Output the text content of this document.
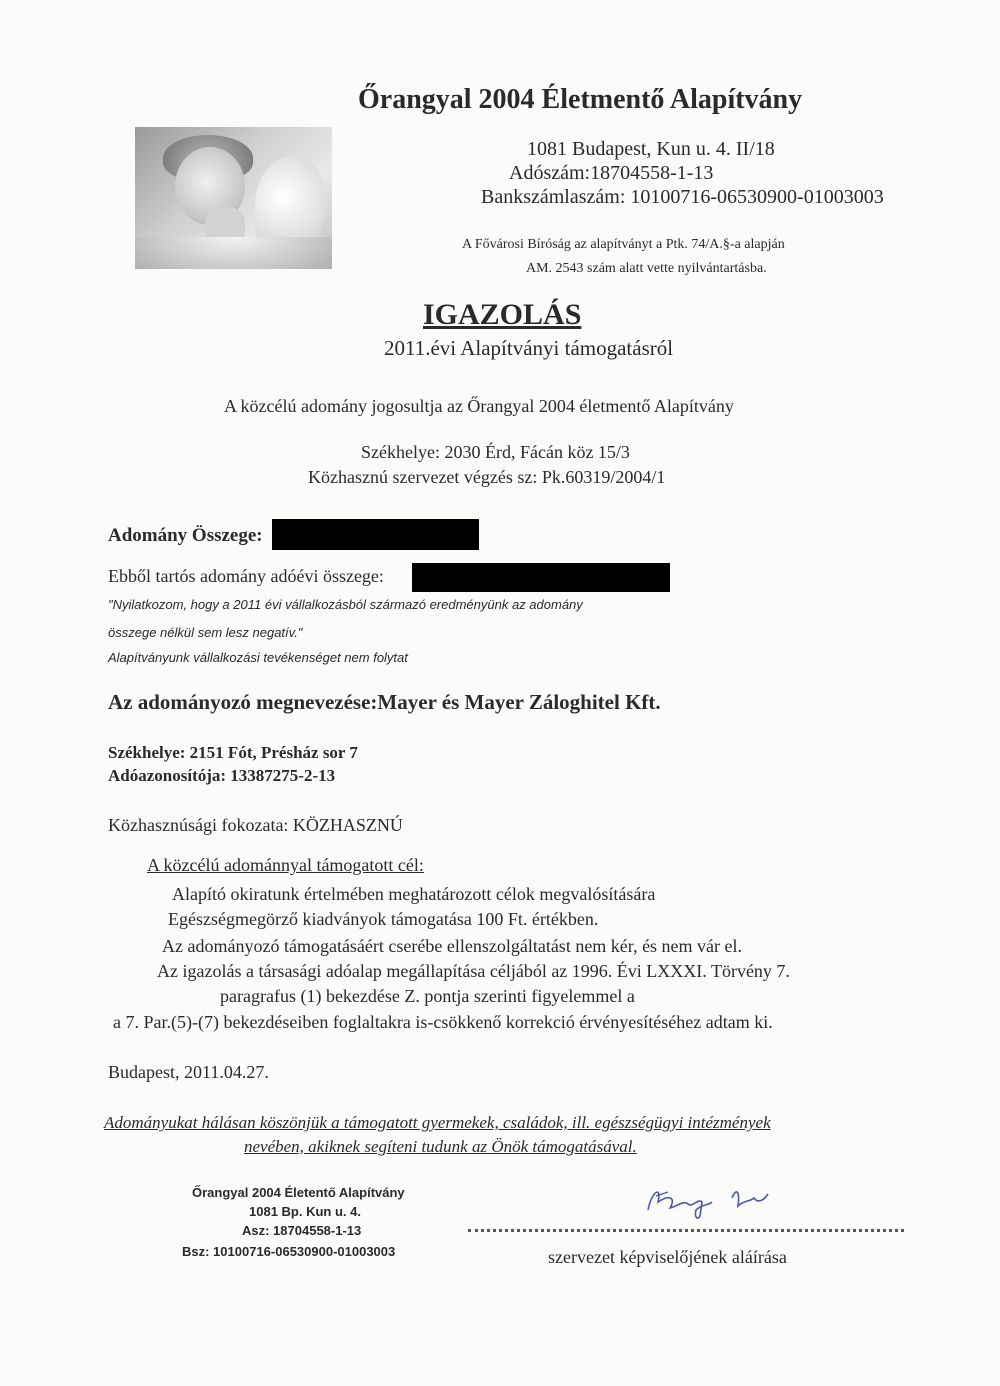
Őrangyal 2004 Életmentő Alapítvány
1081 Budapest, Kun u. 4. II/18
Adószám:18704558-1-13
Bankszámlaszám: 10100716-06530900-01003003
A Fővárosi Bíróság az alapítványt a Ptk. 74/A.§-a alapján
AM. 2543 szám alatt vette nyilvántartásba.
IGAZOLÁS
2011.évi Alapítványi támogatásról
A közcélú adomány jogosultja az Őrangyal 2004 életmentő Alapítvány
Székhelye: 2030 Érd, Fácán köz 15/3
Közhasznú szervezet végzés sz: Pk.60319/2004/1
Adomány Összege:
Ebből tartós adomány adóévi összege:
"Nyilatkozom, hogy a 2011 évi vállalkozásból származó eredményünk az adomány
összege nélkül sem lesz negatív."
Alapítványunk vállalkozási tevékenséget nem folytat
Az adományozó megnevezése:Mayer és Mayer Záloghitel Kft.
Székhelye: 2151 Fót, Présház sor 7
Adóazonosítója: 13387275-2-13
Közhasznúsági fokozata: KÖZHASZNÚ
A közcélú adománnyal támogatott cél:
Alapító okiratunk értelmében meghatározott célok megvalósítására
Egészségmegörző kiadványok támogatása 100 Ft. értékben.
Az adományozó támogatásáért cserébe ellenszolgáltatást nem kér, és nem vár el.
Az igazolás a társasági adóalap megállapítása céljából az 1996. Évi LXXXI. Törvény 7.
paragrafus (1) bekezdése Z. pontja szerinti figyelemmel a
a 7. Par.(5)-(7) bekezdéseiben foglaltakra is-csökkenő korrekció érvényesítéséhez adtam ki.
Budapest, 2011.04.27.
Adományukat hálásan köszönjük a támogatott gyermekek, családok, ill. egészségügyi intézmények
nevében, akiknek segíteni tudunk az Önök támogatásával.
Őrangyal 2004 Életentő Alapítvány
1081 Bp. Kun u. 4.
Asz: 18704558-1-13
Bsz: 10100716-06530900-01003003	szervezet képviselőjének aláírása
